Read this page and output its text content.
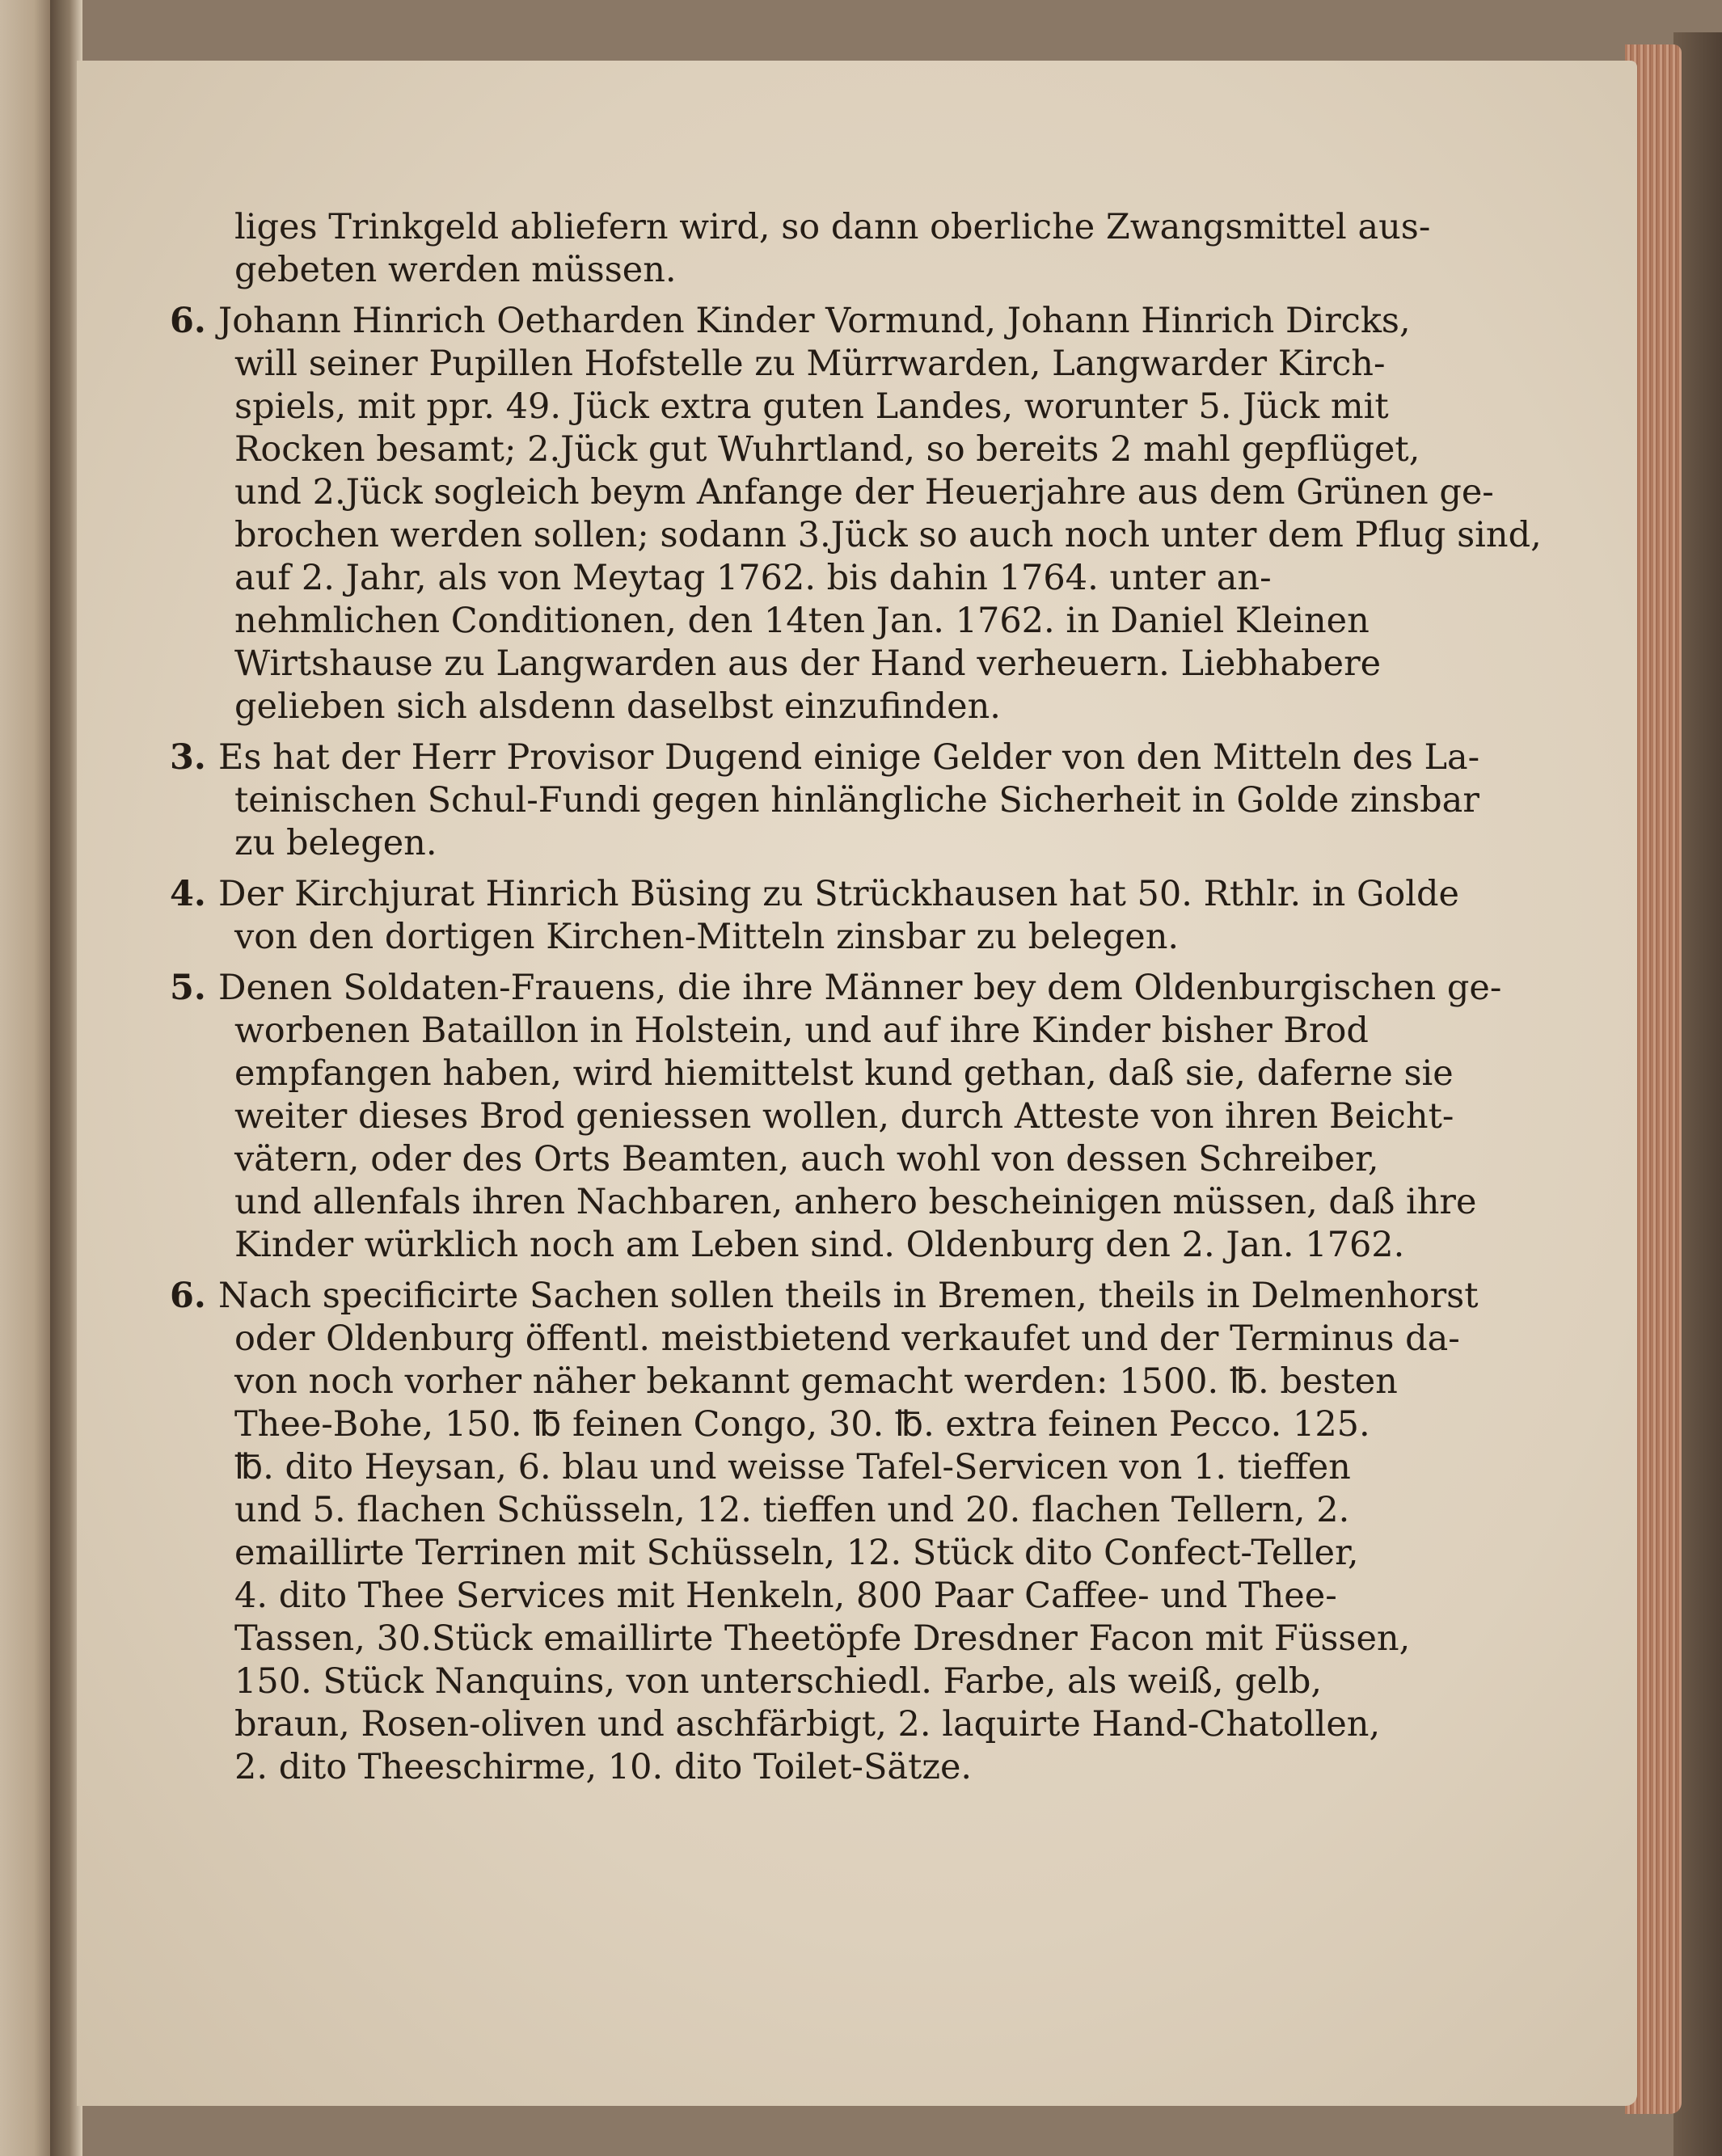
liges Trinkgeld abliefern wird, so dann oberliche Zwangsmittel aus-
gebeten werden müssen.
6. Johann Hinrich Oetharden Kinder Vormund, Johann Hinrich Dircks,
will seiner Pupillen Hofstelle zu Mürrwarden, Langwarder Kirch-
spiels, mit ppr. 49. Jück extra guten Landes, worunter 5. Jück mit
Rocken besamt; 2.Jück gut Wuhrtland, so bereits 2 mahl gepflüget,
und 2.Jück sogleich beym Anfange der Heuerjahre aus dem Grünen ge-
brochen werden sollen; sodann 3.Jück so auch noch unter dem Pflug sind,
auf 2. Jahr, als von Meytag 1762. bis dahin 1764. unter an-
nehmlichen Conditionen, den 14ten Jan. 1762. in Daniel Kleinen
Wirtshause zu Langwarden aus der Hand verheuern. Liebhabere
gelieben sich alsdenn daselbst einzufinden.
3. Es hat der Herr Provisor Dugend einige Gelder von den Mitteln des La-
teinischen Schul-Fundi gegen hinlängliche Sicherheit in Golde zinsbar
zu belegen.
4. Der Kirchjurat Hinrich Büsing zu Strückhausen hat 50. Rthlr. in Golde
von den dortigen Kirchen-Mitteln zinsbar zu belegen.
5. Denen Soldaten-Frauens, die ihre Männer bey dem Oldenburgischen ge-
worbenen Bataillon in Holstein, und auf ihre Kinder bisher Brod
empfangen haben, wird hiemittelst kund gethan, daß sie, daferne sie
weiter dieses Brod geniessen wollen, durch Atteste von ihren Beicht-
vätern, oder des Orts Beamten, auch wohl von dessen Schreiber,
und allenfals ihren Nachbaren, anhero bescheinigen müssen, daß ihre
Kinder würklich noch am Leben sind. Oldenburg den 2. Jan. 1762.
6. Nach specificirte Sachen sollen theils in Bremen, theils in Delmenhorst
oder Oldenburg öffentl. meistbietend verkaufet und der Terminus da-
von noch vorher näher bekannt gemacht werden: 1500. ℔. besten
Thee-Bohe, 150. ℔ feinen Congo, 30. ℔. extra feinen Pecco. 125.
℔. dito Heysan, 6. blau und weisse Tafel-Servicen von 1. tieffen
und 5. flachen Schüsseln, 12. tieffen und 20. flachen Tellern, 2.
emaillirte Terrinen mit Schüsseln, 12. Stück dito Confect-Teller,
4. dito Thee Services mit Henkeln, 800 Paar Caffee- und Thee-
Tassen, 30.Stück emaillirte Theetöpfe Dresdner Facon mit Füssen,
150. Stück Nanquins, von unterschiedl. Farbe, als weiß, gelb,
braun, Rosen-oliven und aschfärbigt, 2. laquirte Hand-Chatollen,
2. dito Theeschirme, 10. dito Toilet-Sätze.
